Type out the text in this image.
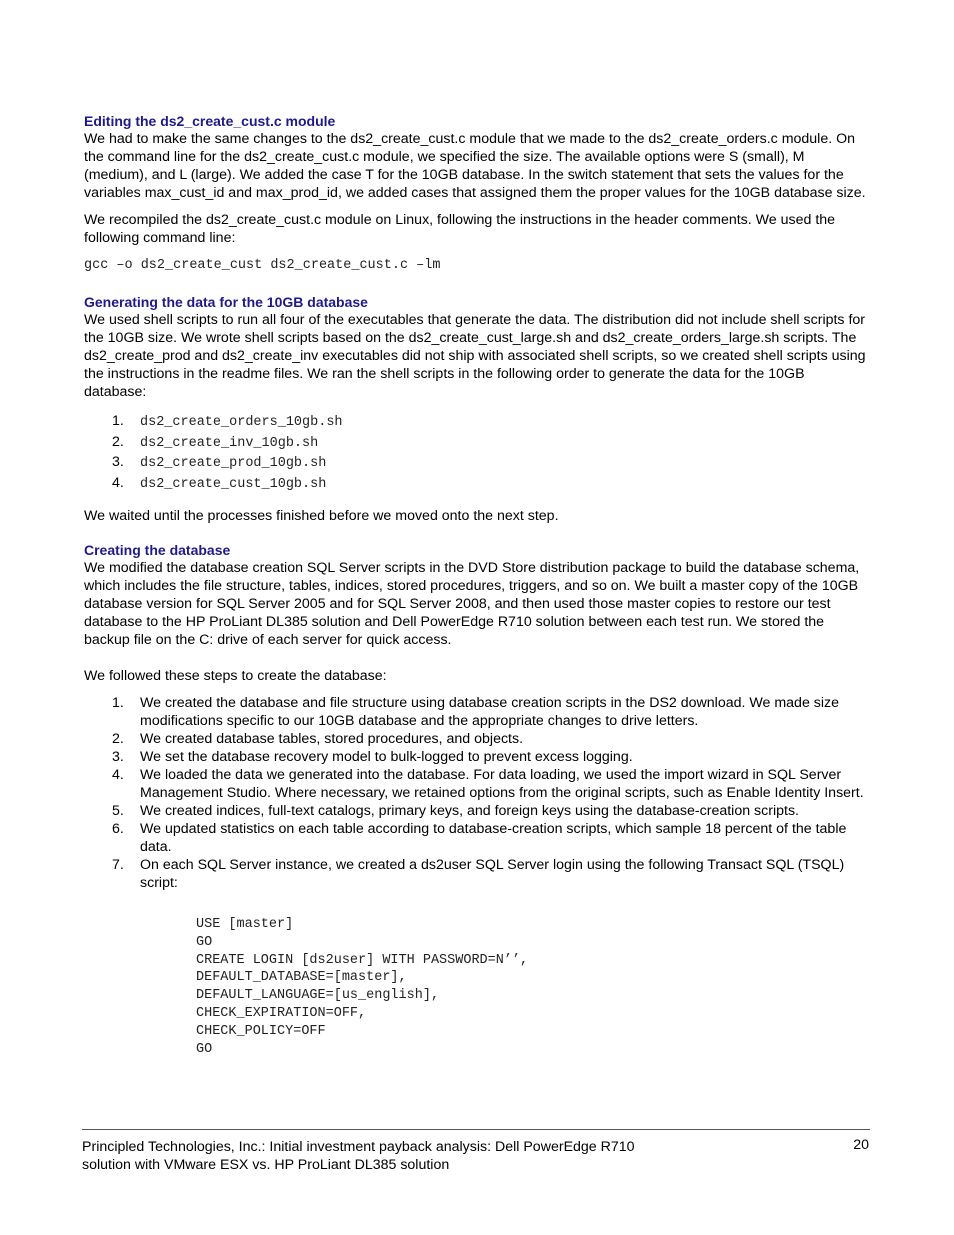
Editing the ds2_create_cust.c module

We had to make the same changes to the ds2_create_cust.c module that we made to the ds2_create_orders.c module. On the command line for the ds2_create_cust.c module, we specified the size. The available options were S (small), M (medium), and L (large). We added the case T for the 10GB database. In the switch statement that sets the values for the variables max_cust_id and max_prod_id, we added cases that assigned them the proper values for the 10GB database size.

We recompiled the ds2_create_cust.c module on Linux, following the instructions in the header comments. We used the following command line:

gcc –o ds2_create_cust ds2_create_cust.c –lm
Generating the data for the 10GB database

We used shell scripts to run all four of the executables that generate the data. The distribution did not include shell scripts for the 10GB size. We wrote shell scripts based on the ds2_create_cust_large.sh and ds2_create_orders_large.sh scripts. The ds2_create_prod and ds2_create_inv executables did not ship with associated shell scripts, so we created shell scripts using the instructions in the readme files. We ran the shell scripts in the following order to generate the data for the 10GB database:

1. ds2_create_orders_10gb.sh
2. ds2_create_inv_10gb.sh
3. ds2_create_prod_10gb.sh
4. ds2_create_cust_10gb.sh

We waited until the processes finished before we moved onto the next step.

Creating the database

We modified the database creation SQL Server scripts in the DVD Store distribution package to build the database schema, which includes the file structure, tables, indices, stored procedures, triggers, and so on. We built a master copy of the 10GB database version for SQL Server 2005 and for SQL Server 2008, and then used those master copies to restore our test database to the HP ProLiant DL385 solution and Dell PowerEdge R710 solution between each test run. We stored the backup file on the C: drive of each server for quick access.

We followed these steps to create the database:

1. We created the database and file structure using database creation scripts in the DS2 download. We made size modifications specific to our 10GB database and the appropriate changes to drive letters.
2. We created database tables, stored procedures, and objects.
3. We set the database recovery model to bulk-logged to prevent excess logging.
4. We loaded the data we generated into the database. For data loading, we used the import wizard in SQL Server Management Studio. Where necessary, we retained options from the original scripts, such as Enable Identity Insert.
5. We created indices, full-text catalogs, primary keys, and foreign keys using the database-creation scripts.
6. We updated statistics on each table according to database-creation scripts, which sample 18 percent of the table data.
7. On each SQL Server instance, we created a ds2user SQL Server login using the following Transact SQL (TSQL) script:
USE [master]
GO
CREATE LOGIN [ds2user] WITH PASSWORD=N’’,
DEFAULT_DATABASE=[master],
DEFAULT_LANGUAGE=[us_english],
CHECK_EXPIRATION=OFF,
CHECK_POLICY=OFF
GO
Principled Technologies, Inc.: Initial investment payback analysis: Dell PowerEdge R710
solution with VMware ESX vs. HP ProLiant DL385 solution
20
